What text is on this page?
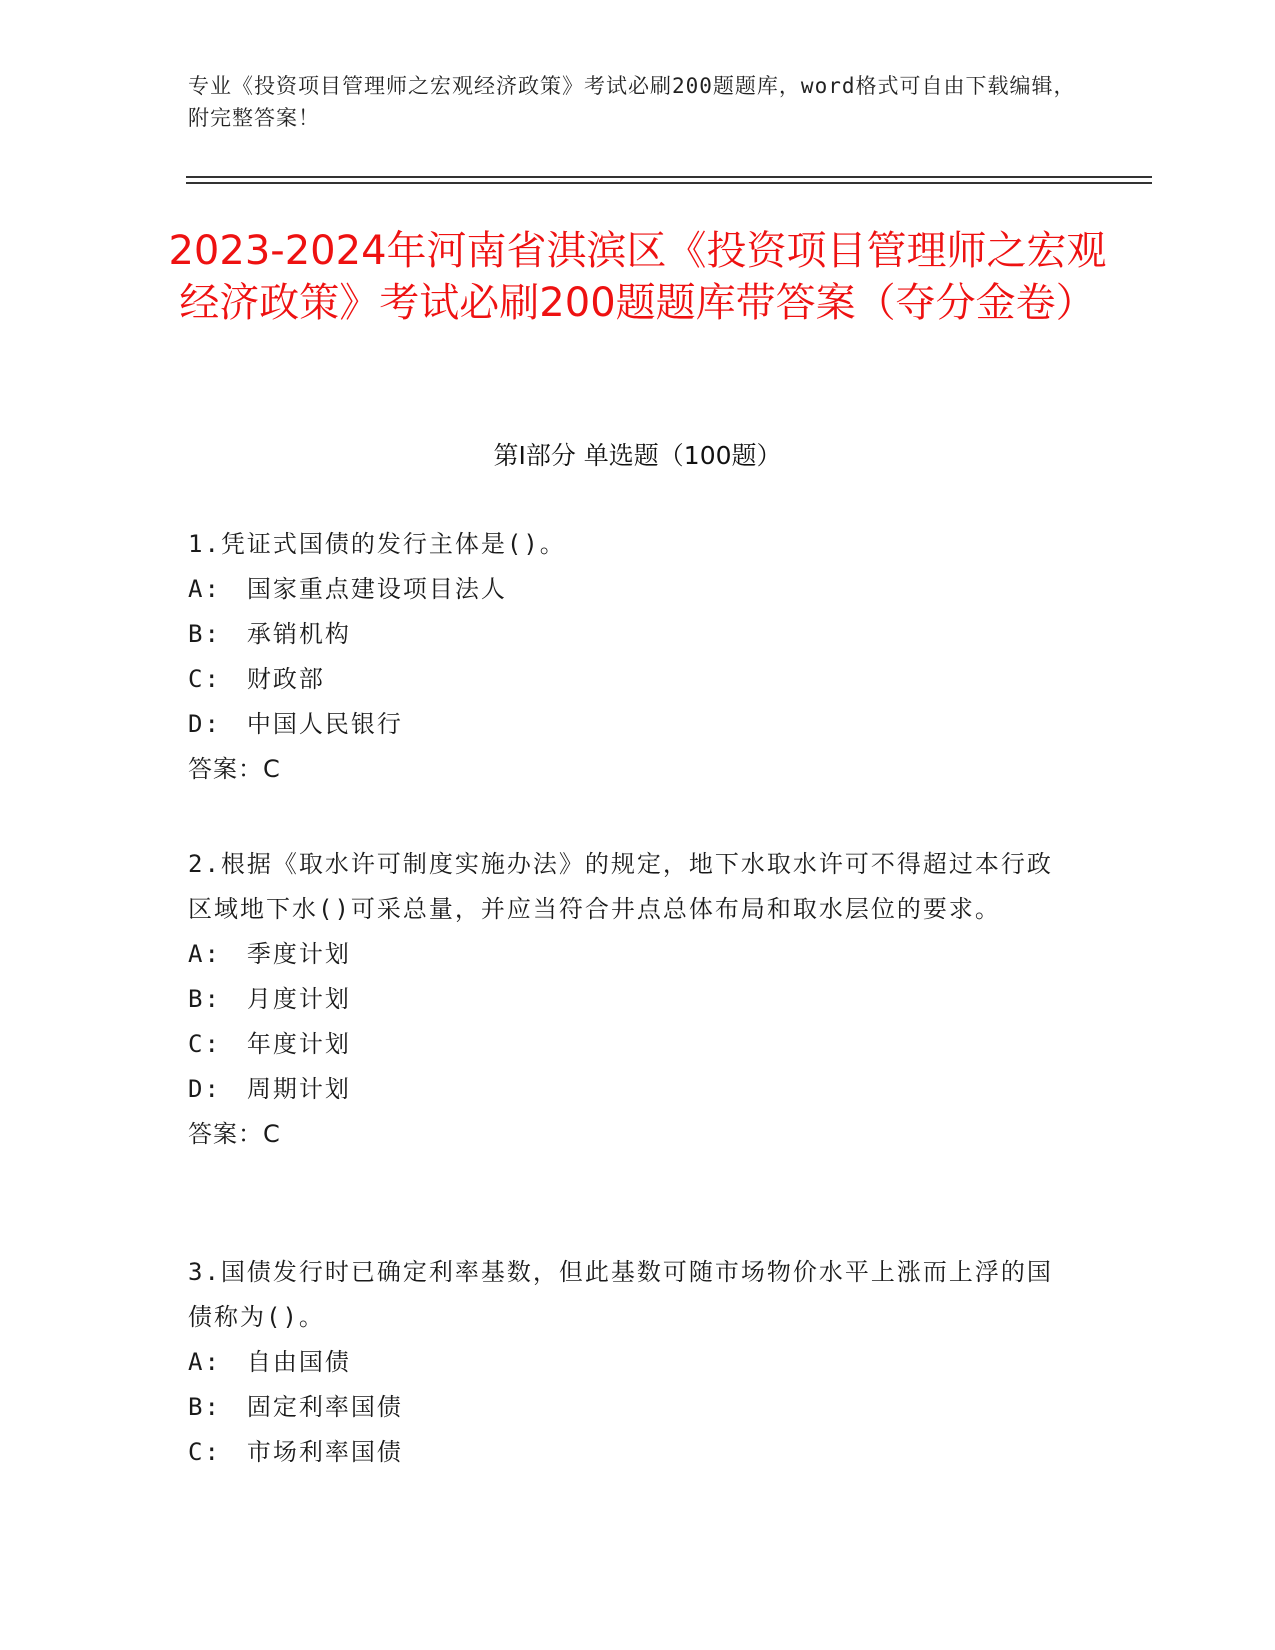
专业《投资项目管理师之宏观经济政策》考试必刷200题题库，word格式可自由下载编辑，附完整答案！
2023-2024年河南省淇滨区《投资项目管理师之宏观经济政策》考试必刷200题题库带答案（夺分金卷）
第Ⅰ部分 单选题（100题）
1.凭证式国债的发行主体是()。
A:　国家重点建设项目法人
B:　承销机构
C:　财政部
D:　中国人民银行
答案：C
2.根据《取水许可制度实施办法》的规定，地下水取水许可不得超过本行政区域地下水()可采总量，并应当符合井点总体布局和取水层位的要求。
A:　季度计划
B:　月度计划
C:　年度计划
D:　周期计划
答案：C
3.国债发行时已确定利率基数，但此基数可随市场物价水平上涨而上浮的国债称为()。
A:　自由国债
B:　固定利率国债
C:　市场利率国债
